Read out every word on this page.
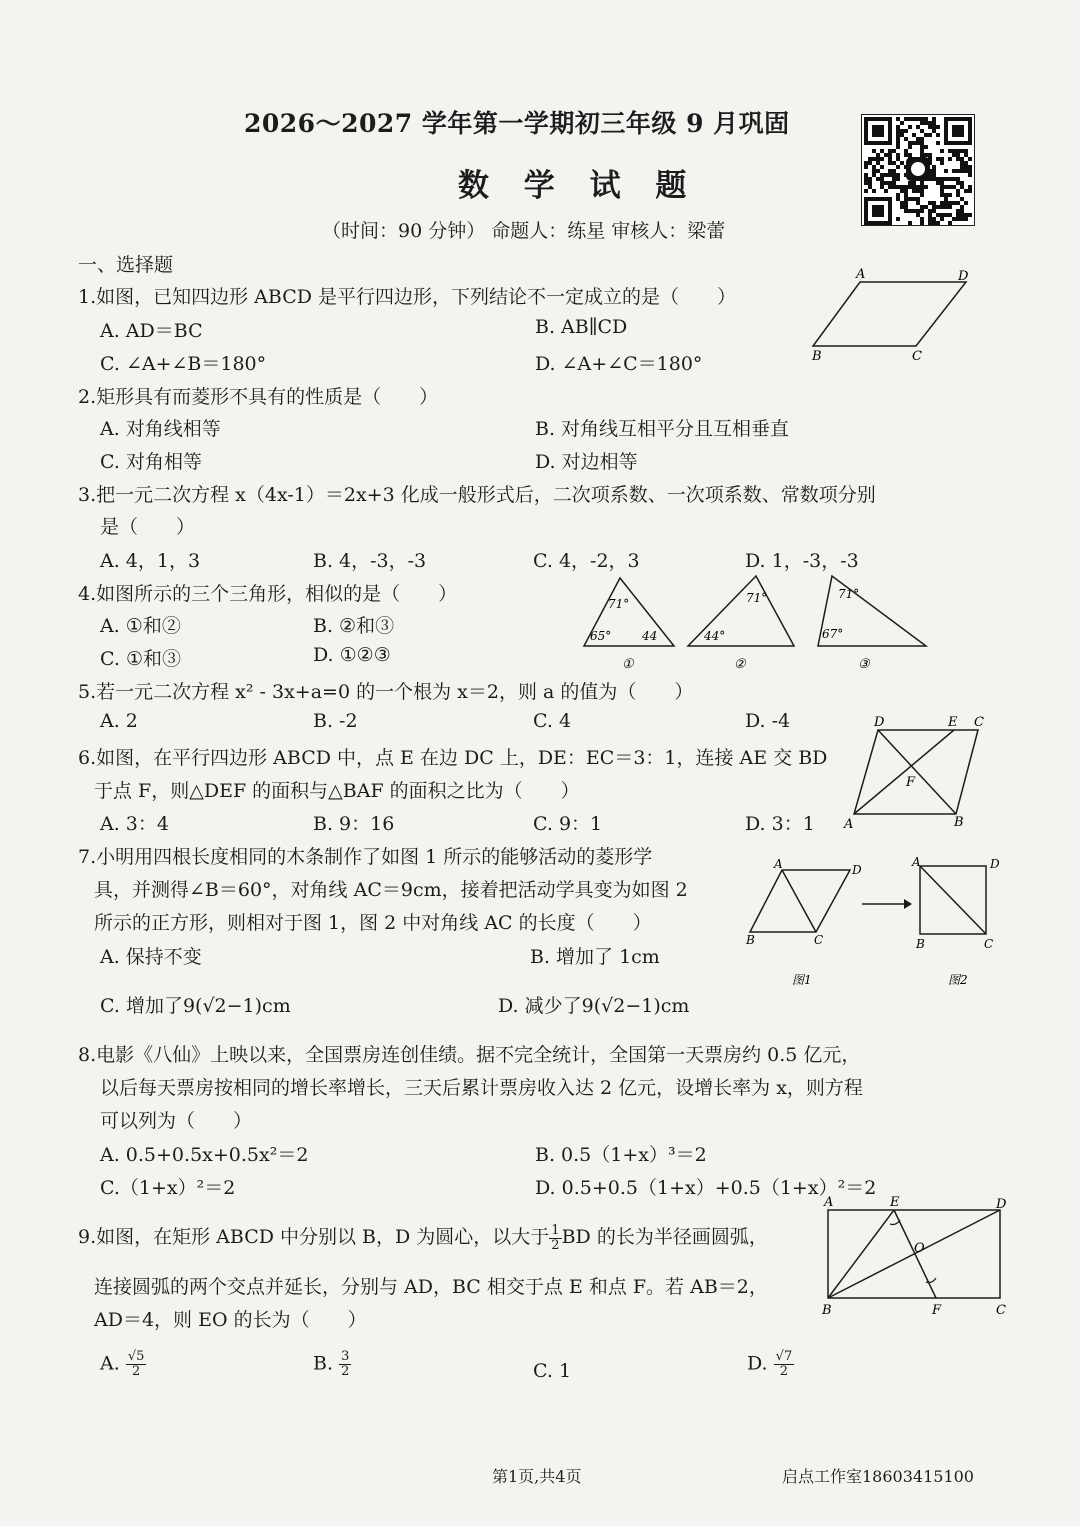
2026～2027 学年第一学期初三年级 9 月巩固
数 学 试 题
（时间：90 分钟） 命题人：练星 审核人：梁蕾
一、选择题
1.如图，已知四边形 ABCD 是平行四边形，下列结论不一定成立的是（　　）
A. AD＝BC	B. AB∥CD
C. ∠A+∠B＝180°	D. ∠A+∠C＝180°
A	D
B	C
2.矩形具有而菱形不具有的性质是（　　）
A. 对角线相等	B. 对角线互相平分且互相垂直
C. 对角相等	D. 对边相等
3.把一元二次方程 x（4x-1）＝2x+3 化成一般形式后，二次项系数、一次项系数、常数项分别
是（　　）
A. 4，1，3	B. 4，-3，-3	C. 4，-2，3	D. 1，-3，-3
4.如图所示的三个三角形，相似的是（　　）
A. ①和②	B. ②和③
C. ①和③	D. ①②③
71°
65°	44
①
71°
44°
②
71°
67°
③
5.若一元二次方程 x² - 3x+a=0 的一个根为 x＝2，则 a 的值为（　　）
A. 2	B. -2	C. 4	D. -4
6.如图，在平行四边形 ABCD 中，点 E 在边 DC 上，DE：EC＝3：1，连接 AE 交 BD
于点 F，则△DEF 的面积与△BAF 的面积之比为（　　）
A. 3：4	B. 9：16	C. 9：1	D. 3：1
D	E C
F
A	B
7.小明用四根长度相同的木条制作了如图 1 所示的能够活动的菱形学
具，并测得∠B＝60°，对角线 AC＝9cm，接着把活动学具变为如图 2
所示的正方形，则相对于图 1，图 2 中对角线 AC 的长度（　　）
A. 保持不变	B. 增加了 1cm
C. 增加了9(√2−1)cm	D. 减少了9(√2−1)cm
A	D
B	C
A	D
B	C
图1	图2
8.电影《八仙》上映以来，全国票房连创佳绩。据不完全统计，全国第一天票房约 0.5 亿元，
以后每天票房按相同的增长率增长，三天后累计票房收入达 2 亿元，设增长率为 x，则方程
可以列为（　　）
A. 0.5+0.5x+0.5x²＝2	B. 0.5（1+x）³＝2
C.（1+x）²＝2	D. 0.5+0.5（1+x）+0.5（1+x）²＝2
9.如图，在矩形 ABCD 中分别以 B，D 为圆心，以大于 $\frac{1}{2}$ BD 的长为半径画圆弧，
连接圆弧的两个交点并延长，分别与 AD，BC 相交于点 E 和点 F。若 AB＝2，
AD＝4，则 EO 的长为（　　）
A. $\frac{√5}{2}$	B. $\frac{3}{2}$	C. 1	D. $\frac{√7}{2}$
A	E	D
O
B	F	C
第1页,共4页	启点工作室18603415100
